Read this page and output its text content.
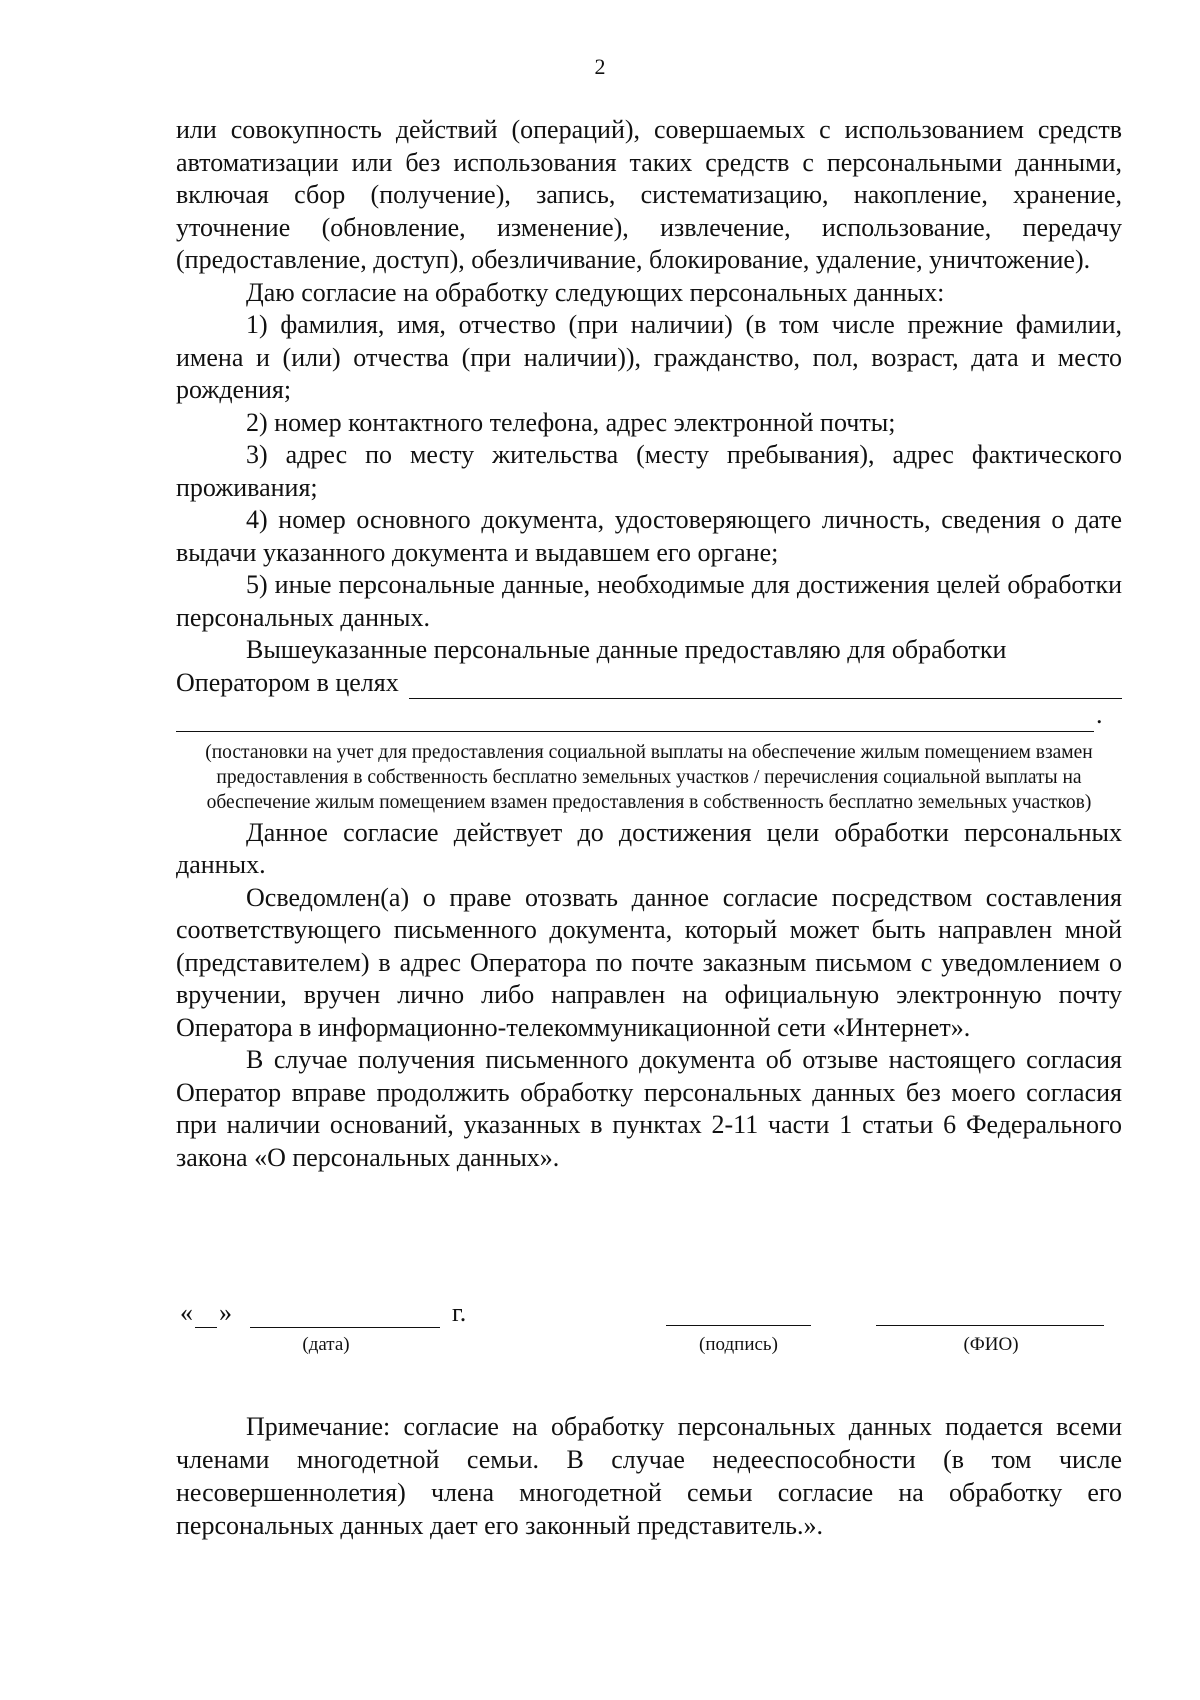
2

или совокупность действий (операций), совершаемых с использованием средств автоматизации или без использования таких средств с персональными данными, включая сбор (получение), запись, систематизацию, накопление, хранение, уточнение (обновление, изменение), извлечение, использование, передачу (предоставление, доступ), обезличивание, блокирование, удаление, уничтожение).

Даю согласие на обработку следующих персональных данных:

1) фамилия, имя, отчество (при наличии) (в том числе прежние фамилии, имена и (или) отчества (при наличии)), гражданство, пол, возраст, дата и место рождения;

2) номер контактного телефона, адрес электронной почты;

3) адрес по месту жительства (месту пребывания), адрес фактического проживания;

4) номер основного документа, удостоверяющего личность, сведения о дате выдачи указанного документа и выдавшем его органе;

5) иные персональные данные, необходимые для достижения целей обработки персональных данных.

Вышеуказанные персональные данные предоставляю для обработки

Оператором в целях
.

(постановки на учет для предоставления социальной выплаты на обеспечение жилым помещением взамен предоставления в собственность бесплатно земельных участков / перечисления социальной выплаты на обеспечение жилым помещением взамен предоставления в собственность бесплатно земельных участков)

Данное согласие действует до достижения цели обработки персональных данных.

Осведомлен(а) о праве отозвать данное согласие посредством составления соответствующего письменного документа, который может быть направлен мной (представителем) в адрес Оператора по почте заказным письмом с уведомлением о вручении, вручен лично либо направлен на официальную электронную почту Оператора в информационно-телекоммуникационной сети «Интернет».

В случае получения письменного документа об отзыве настоящего согласия Оператор вправе продолжить обработку персональных данных без моего согласия при наличии оснований, указанных в пунктах 2-11 части 1 статьи 6 Федерального закона «О персональных данных».

« »	г.
(дата)	(подпись)	(ФИО)

Примечание: согласие на обработку персональных данных подается всеми членами многодетной семьи. В случае недееспособности (в том числе несовершеннолетия) члена многодетной семьи согласие на обработку его персональных данных дает его законный представитель.».
